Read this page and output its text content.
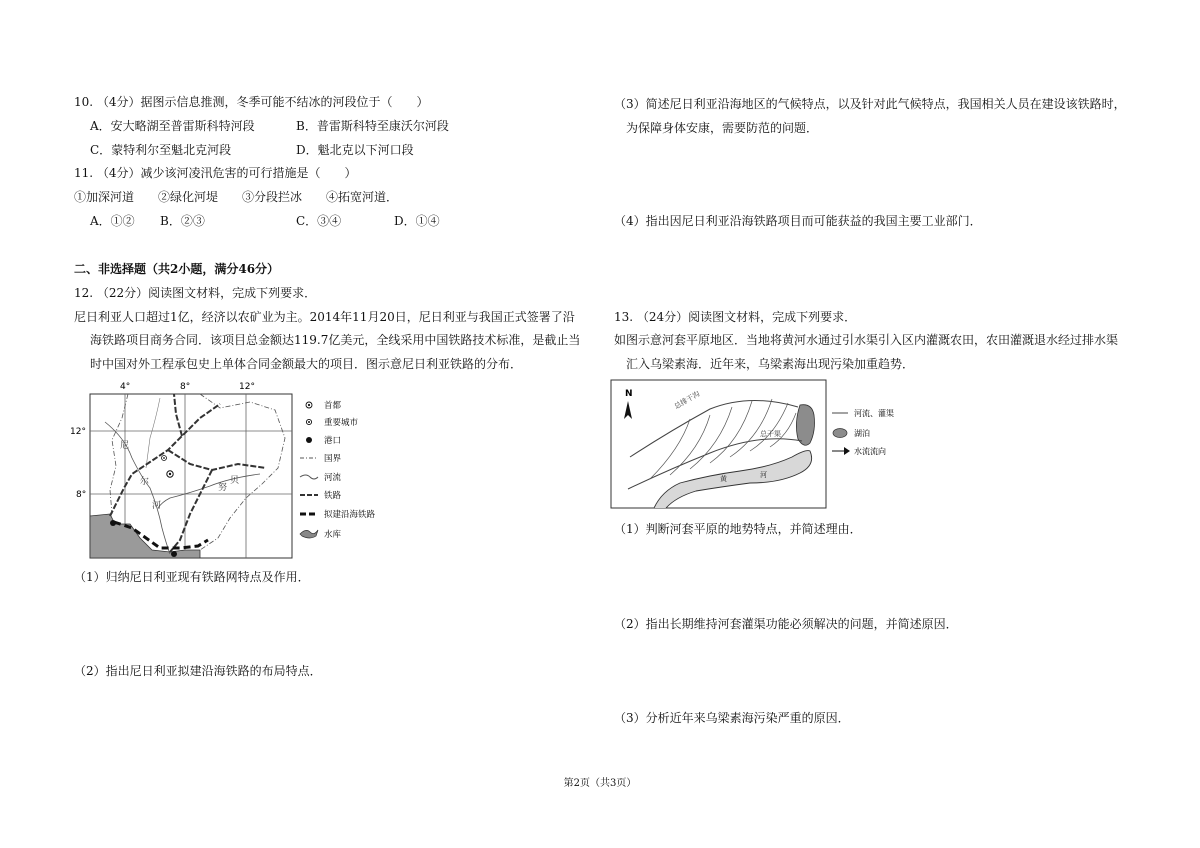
10. （4分）据图示信息推测，冬季可能不结冰的河段位于（　　）
A．安大略湖至普雷斯科特河段	B．普雷斯科特至康沃尔河段
C．蒙特利尔至魁北克河段	D．魁北克以下河口段
11. （4分）减少该河凌汛危害的可行措施是（　　）
①加深河道　　②绿化河堤　　③分段拦冰　　④拓宽河道．
A．①② B．②③	C．③④	D．①④
二、非选择题（共2小题，满分46分）
12. （22分）阅读图文材料，完成下列要求．
尼日利亚人口超过1亿，经济以农矿业为主。2014年11月20日，尼日利亚与我国正式签署了沿
海铁路项目商务合同．该项目总金额达119.7亿美元，全线采用中国铁路技术标准，是截止当
时中国对外工程承包史上单体合同金额最大的项目．图示意尼日利亚铁路的分布．
4°	8°	12°
12°
8°
尼
尔	贝
努
河
首都
重要城市
港口
国界
河流
铁路
拟建沿海铁路
水库
（1）归纳尼日利亚现有铁路网特点及作用．
（2）指出尼日利亚拟建沿海铁路的布局特点．
（3）简述尼日利亚沿海地区的气候特点，以及针对此气候特点，我国相关人员在建设该铁路时，
为保障身体安康，需要防范的问题．
（4）指出因尼日利亚沿海铁路项目而可能获益的我国主要工业部门．
13. （24分）阅读图文材料，完成下列要求．
如图示意河套平原地区．当地将黄河水通过引水渠引入区内灌溉农田，农田灌溉退水经过排水渠
汇入乌梁素海．近年来，乌梁素海出现污染加重趋势．
N	总排干沟
总干渠
黄	河
河流、灌渠
湖泊
水流流向
（1）判断河套平原的地势特点，并简述理由．
（2）指出长期维持河套灌渠功能必须解决的问题，并简述原因．
（3）分析近年来乌梁素海污染严重的原因．
第2页（共3页）
